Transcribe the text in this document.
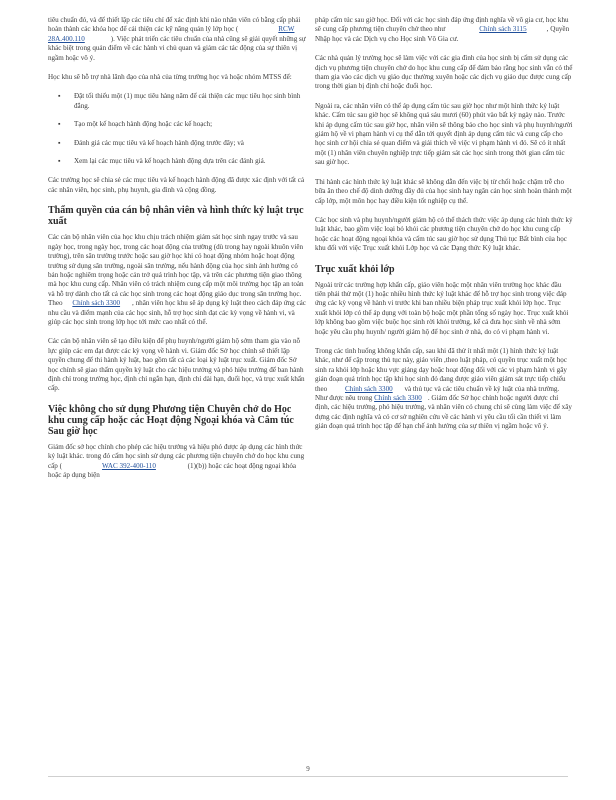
tiêu chuẩn đó, và để thiết lập các tiêu chí để xác định khi nào nhân viên có bằng cấp phải hoàn thành các khóa học để cải thiện các kỹ năng quản lý lớp học (	RCW 28A.400.110	). Việc phát triển các tiêu chuẩn của nhà cũng sẽ giải quyết những sự khác biệt trong quản điểm về các hành vi chủ quan và giảm các tác động của sự thiên vị ngầm hoặc vô ý.

Học khu sẽ hỗ trợ nhà lãnh đạo của nhà của từng trường học và hoặc nhóm MTSS để:

▪ Đặt tối thiểu một (1) mục tiêu hàng năm để cải thiện các mục tiêu học sinh bình đẳng.
▪ Tạo một kế hoạch hành động hoặc các kế hoạch;
▪ Đánh giá các mục tiêu và kế hoạch hành động trước đây; và
▪ Xem lại các mục tiêu và kế hoạch hành động dựa trên các đánh giá.

Các trường học sẽ chia sẻ các mục tiêu và kế hoạch hành động đã được xác định với tất cả các nhân viên, học sinh, phụ huynh, gia đình và cộng đồng.

Thẩm quyền của cán bộ nhân viên và hình thức kỷ luật trục xuất

Các cán bộ nhân viên của học khu chịu trách nhiệm giám sát học sinh ngay trước và sau ngày học, trong ngày học, trong các hoạt động của trường (dù trong hay ngoài khuôn viên trường), trên sân trường trước hoặc sau giờ học khi có hoạt động nhóm hoặc hoạt động trường sử dụng sân trường, ngoài sân trường, nếu hành động của học sinh ảnh hưởng có bản hoặc nghiêm trọng hoặc cản trở quá trình học tập, và trên các phương tiện giao thông mà học khu cung cấp. Nhân viên có trách nhiệm cung cấp một môi trường học tập an toàn và hỗ trợ dành cho tất cả các học sinh trong các hoạt động giáo dục trong sân trường học. Theo Chính sách 3300 , nhân viên học khu sẽ áp dụng kỷ luật theo cách đáp ứng các nhu cầu và điểm mạnh của các học sinh, hỗ trợ học sinh đạt các kỳ vọng về hành vi, và giúp các học sinh trong lớp học tới mức cao nhất có thể.

Các cán bộ nhân viên sẽ tạo điều kiện để phụ huynh/người giám hộ sớm tham gia vào nỗ lực giúp các em đạt được các kỳ vọng về hành vi. Giám đốc Sở học chính sẽ thiết lập quyền chung để thi hành kỷ luật, bao gồm tất cả các loại kỷ luật trục xuất. Giám đốc Sở học chính sẽ giao thẩm quyền kỷ luật cho các hiệu trưởng và phó hiệu trưởng để ban hành định chỉ trong trường học, định chỉ ngắn hạn, định chỉ dài hạn, đuổi học, và trục xuất khẩn cấp.

Việc không cho sử dụng Phương tiện Chuyên chở do Học khu cung cấp hoặc các Hoạt động Ngoại khóa và Câm túc Sau giờ học

Giám đốc sở học chính cho phép các hiệu trưởng và hiệu phó được áp dụng các hình thức kỷ luật khác. trong đó cấm học sinh sử dụng các phương tiện chuyên chở do học khu cung cấp (	WAC 392-400-110	(1)(b)) hoặc các hoạt động ngoại khóa hoặc áp dụng biện

pháp cấm túc sau giờ học. Đối với các học sinh đáp ứng định nghĩa về vô gia cư, học khu sẽ cung cấp phương tiện chuyên chở theo như	Chính sách 3115	, Quyền Nhập học và các Dịch vụ cho Học sinh Vô Gia cư.

Các nhà quản lý trường học sẽ làm việc với các gia đình của học sinh bị cấm sử dụng các dịch vụ phương tiện chuyên chở do học khu cung cấp để đảm bảo rằng học sinh vẫn có thể tham gia vào các dịch vụ giáo dục thường xuyên hoặc các dịch vụ giáo dục được cung cấp trong thời gian bị định chỉ hoặc đuổi học.

Ngoài ra, các nhân viên có thể áp dụng cấm túc sau giờ học như một hình thức kỷ luật khác. Cấm túc sau giờ học sẽ không quá sáu mươi (60) phút vào bất kỳ ngày nào. Trước khi áp dụng cấm túc sau giờ học, nhân viên sẽ thông báo cho học sinh và phụ huynh/người giám hộ về vi phạm hành vi cụ thể dẫn tới quyết định áp dụng cấm túc và cung cấp cho học sinh cơ hội chia sẻ quan điểm và giải thích về việc vi phạm hành vi đó. Sẽ có ít nhất một (1) nhân viên chuyên nghiệp trực tiếp giám sát các học sinh trong thời gian cấm túc sau giờ học.

Thi hành các hình thức kỷ luật khác sẽ không dẫn đến việc bị từ chối hoặc chậm trễ cho bữa ăn theo chế độ dinh dưỡng đầy đủ của học sinh hay ngăn cản học sinh hoàn thành một cấp lớp, một môn học hay điều kiện tốt nghiệp cụ thể.

Các học sinh và phụ huynh/người giám hộ có thể thách thức việc áp dụng các hình thức kỷ luật khác, bao gồm việc loại bỏ khỏi các phương tiện chuyên chở do học khu cung cấp hoặc các hoạt động ngoại khóa và cấm túc sau giờ học sử dụng Thủ tục Bất bình của học khu đối với việc Trục xuất khỏi Lớp học và các Dạng thức Kỷ luật khác.

Trục xuất khỏi lớp

Ngoài trừ các trường hợp khẩn cấp, giáo viên hoặc một nhân viên trường học khác đầu tiên phải thử một (1) hoặc nhiều hình thức kỷ luật khác để hỗ trợ học sinh trong việc đáp ứng các kỳ vọng về hành vi trước khi ban nhiều biện pháp trục xuất khỏi lớp học. Trục xuất khỏi lớp có thể áp dụng với toàn bộ hoặc một phần tổng số ngày học. Trục xuất khỏi lớp không bao gồm việc buộc học sinh rời khỏi trường, kể cả đưa học sinh về nhà sớm hoặc yêu cầu phụ huynh/ người giám hộ để học sinh ở nhà, do có vi phạm hành vi.

Trong các tình huống không khẩn cấp, sau khi đã thử ít nhất một (1) hình thức kỷ luật khác, như để cập trong thủ tục này, giáo viên ,theo luật pháp, có quyền trục xuất một học sinh ra khỏi lớp hoặc khu vực giảng dạy hoặc hoạt động đối với các vi phạm hành vi gây gián đoạn quá trình học tập khi học sinh đó đang được giáo viên giám sát trực tiếp chiếu theo	Chính sách 3300 và thủ tục và các tiêu chuẩn về kỷ luật của nhà trường. Như được nêu trong Chính sách 3300 . Giám đốc Sở học chính hoặc người được chỉ định, các hiệu trưởng, phó hiệu trưởng, và nhân viên có chung chỉ sẽ cùng làm việc để xây dựng các định nghĩa và có cơ sở nghiên cứu về các hành vi yêu cầu tối cần thiết vi làm gián đoạn quá trình học tập để hạn chế ảnh hưởng của sự thiên vị ngầm hoặc vô ý.

9
